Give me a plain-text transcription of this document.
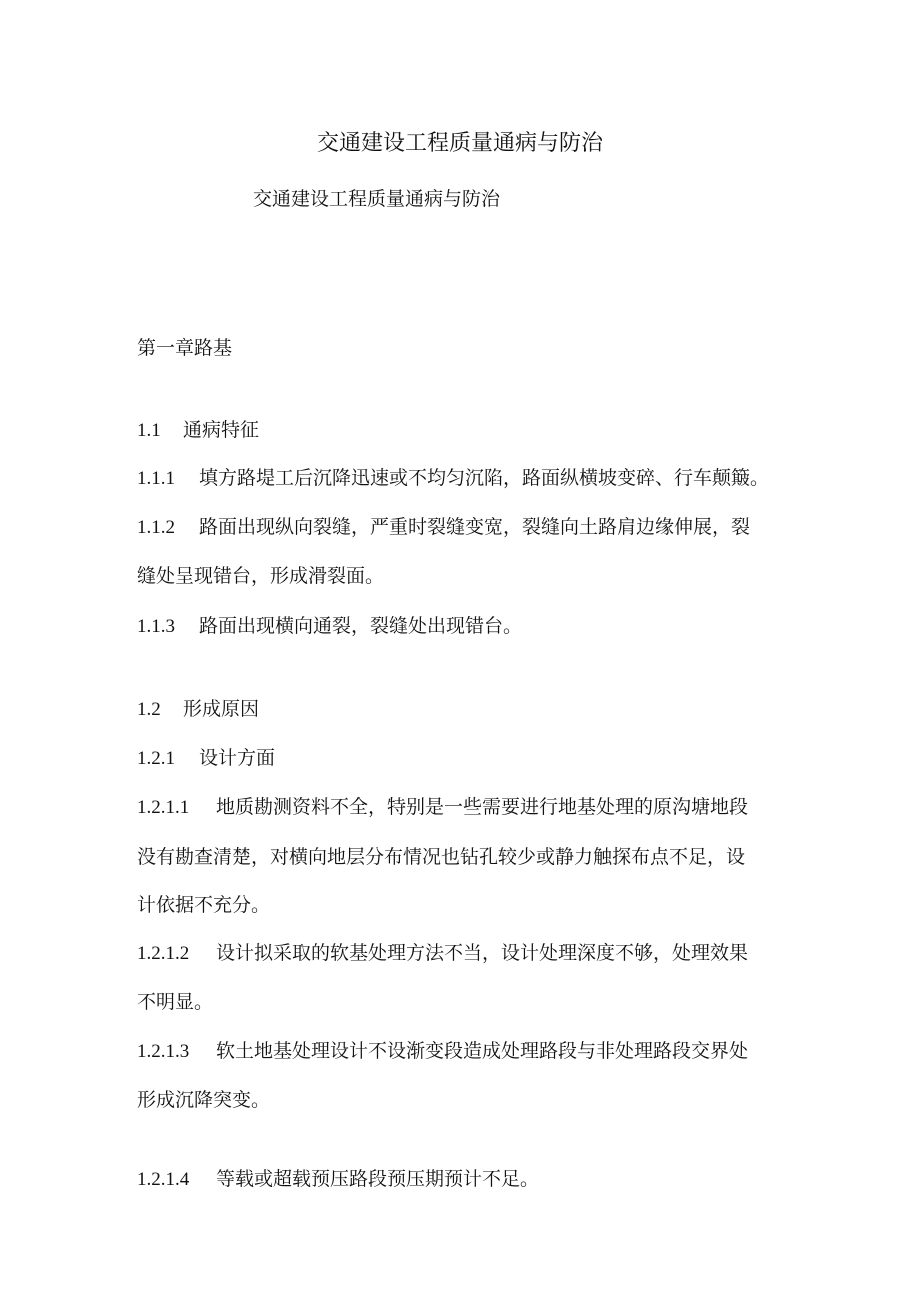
交通建设工程质量通病与防治
交通建设工程质量通病与防治
第一章路基
1.1 通病特征
1.1.1 填方路堤工后沉降迅速或不均匀沉陷，路面纵横坡变碎、行车颠簸。
1.1.2 路面出现纵向裂缝，严重时裂缝变宽，裂缝向土路肩边缘伸展，裂
缝处呈现错台，形成滑裂面。
1.1.3 路面出现横向通裂，裂缝处出现错台。
1.2 形成原因
1.2.1 设计方面
1.2.1.1 地质勘测资料不全，特别是一些需要进行地基处理的原沟塘地段
没有勘查清楚，对横向地层分布情况也钻孔较少或静力触探布点不足，设
计依据不充分。
1.2.1.2 设计拟采取的软基处理方法不当，设计处理深度不够，处理效果
不明显。
1.2.1.3 软土地基处理设计不设渐变段造成处理路段与非处理路段交界处
形成沉降突变。
1.2.1.4 等载或超载预压路段预压期预计不足。
